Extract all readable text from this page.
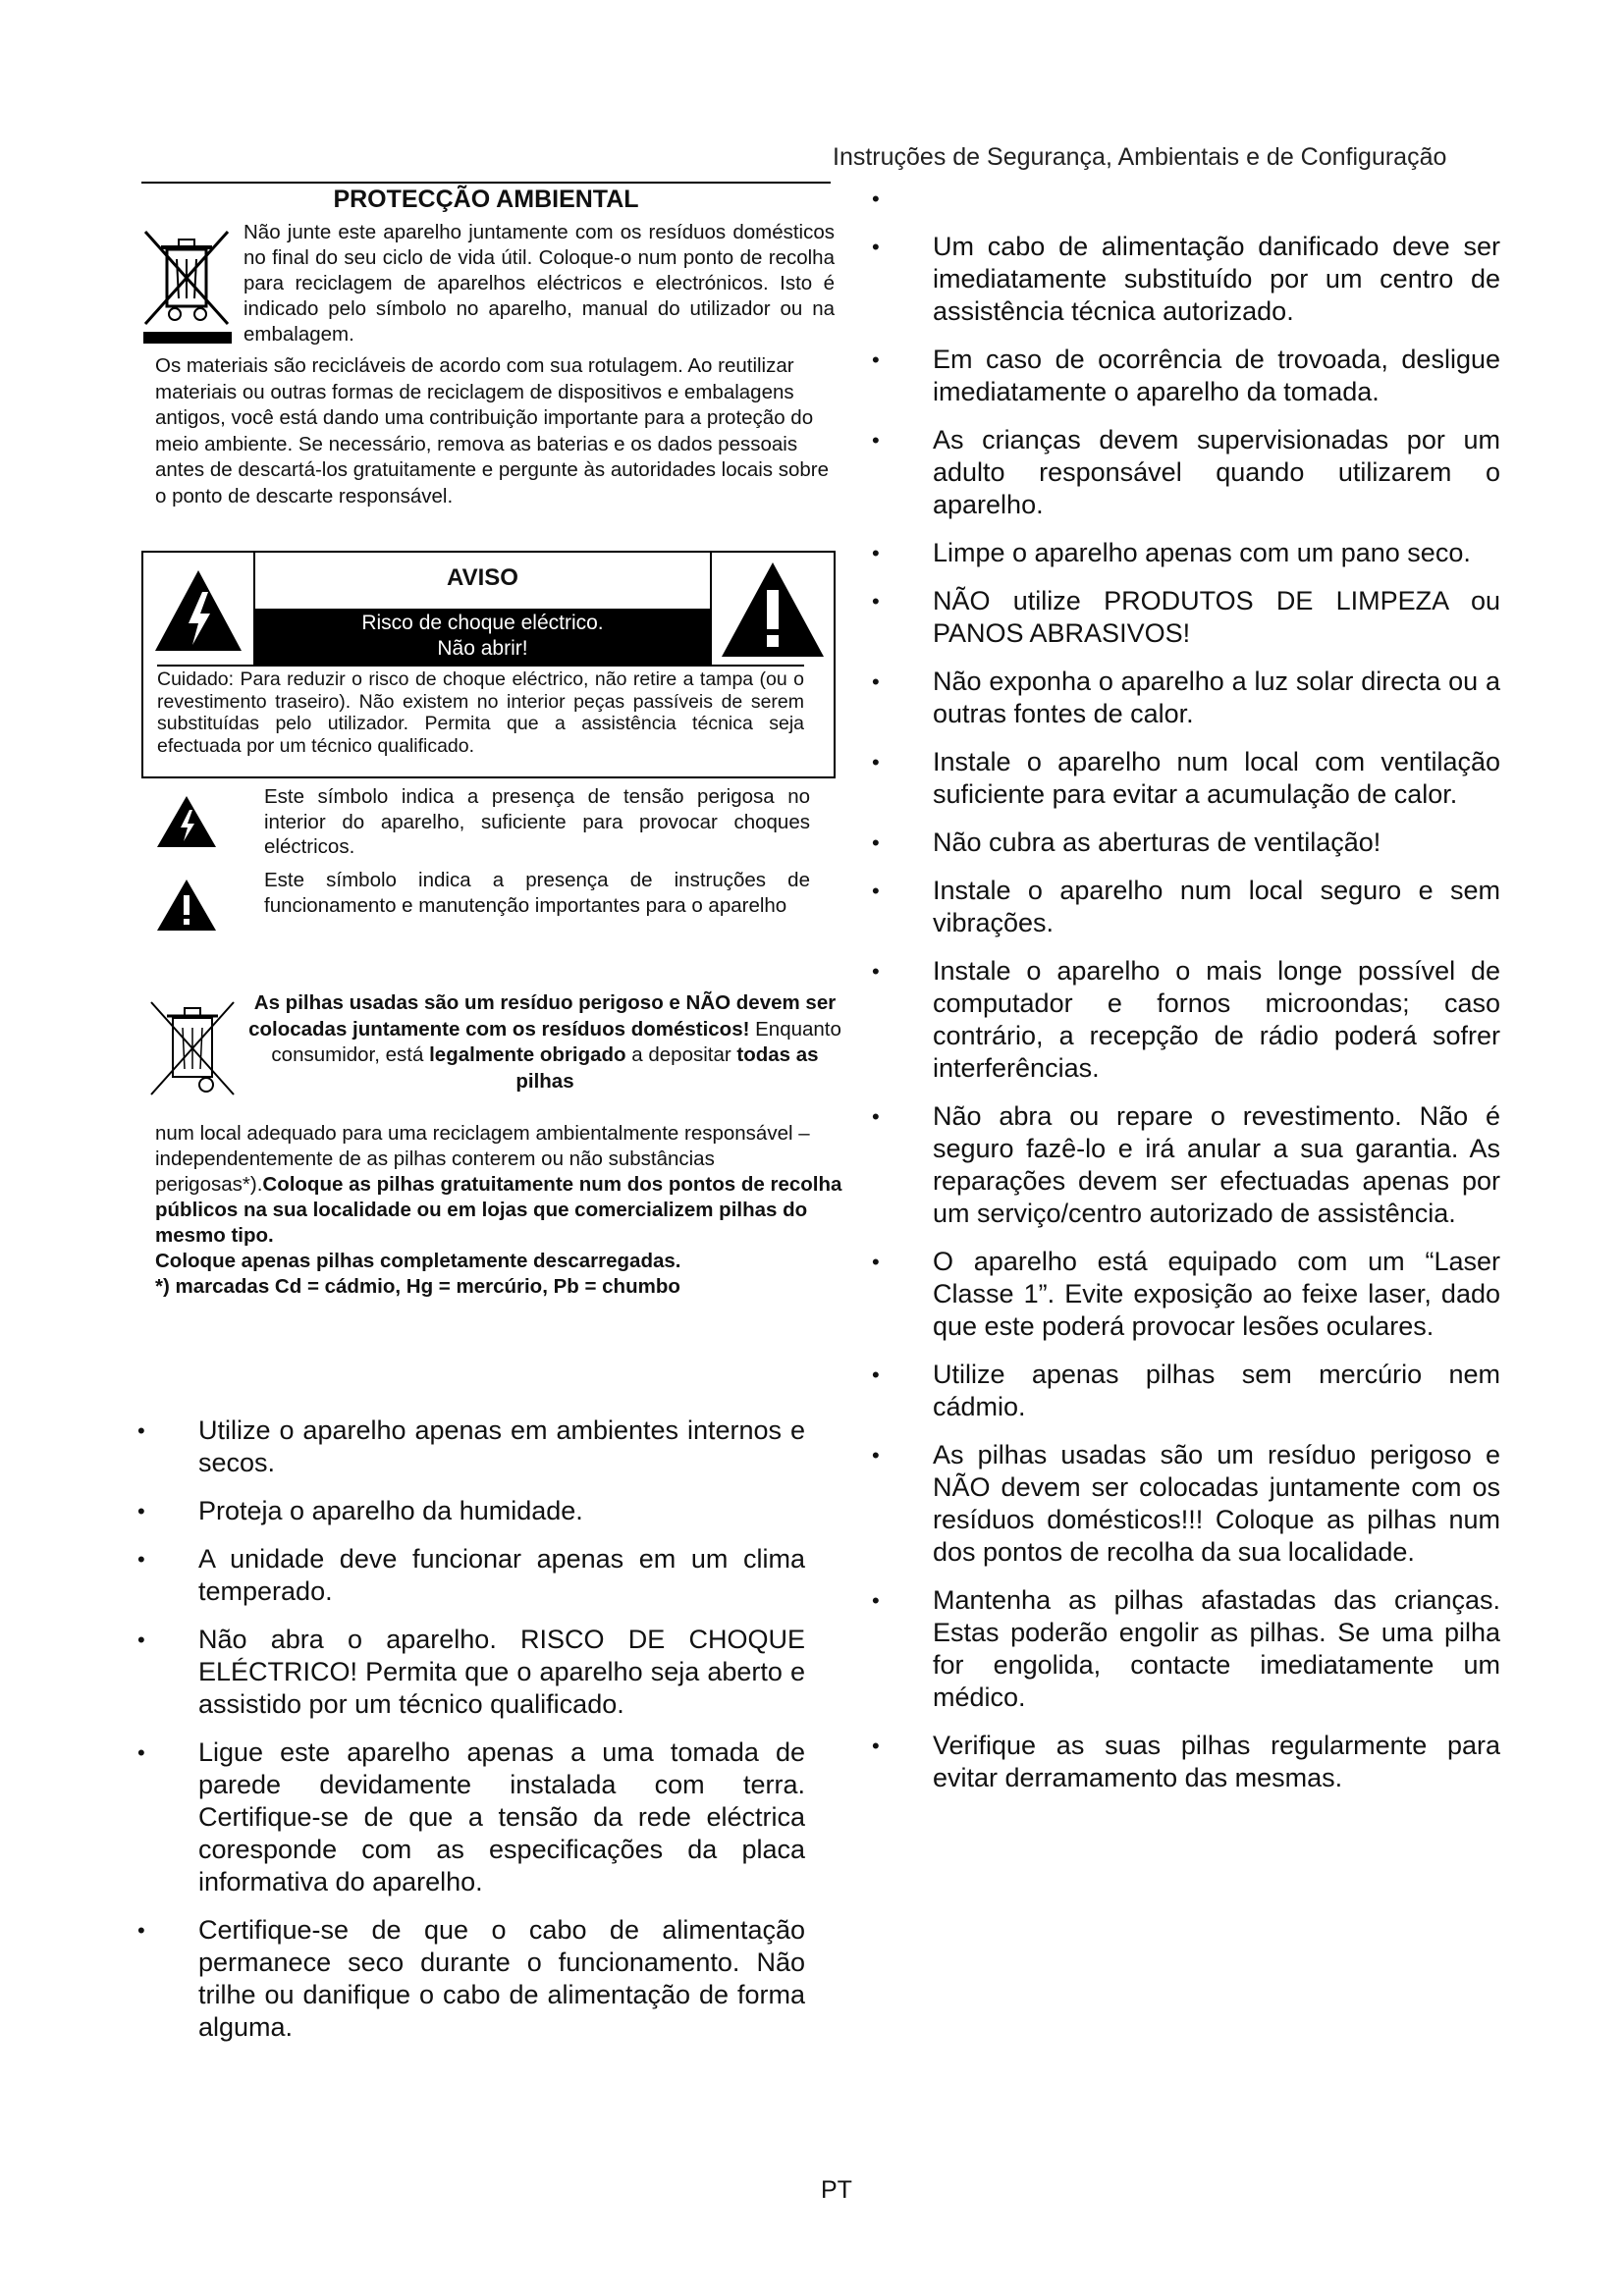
Instruções de Segurança, Ambientais e de Configuração
PROTECÇÃO AMBIENTAL
Não junte este aparelho juntamente com os resíduos domésticos no final do seu ciclo de vida útil. Coloque-o num ponto de recolha para reciclagem de aparelhos eléctricos e electrónicos. Isto é indicado pelo símbolo no aparelho, manual do utilizador ou na embalagem.
Os materiais são recicláveis de acordo com sua rotulagem. Ao reutilizar materiais ou outras formas de reciclagem de dispositivos e embalagens antigos, você está dando uma contribuição importante para a proteção do meio ambiente. Se necessário, remova as baterias e os dados pessoais antes de descartá-los gratuitamente e pergunte às autoridades locais sobre o ponto de descarte responsável.
AVISO
Risco de choque eléctrico.
Não abrir!
Cuidado: Para reduzir o risco de choque eléctrico, não retire a tampa (ou o revestimento traseiro). Não existem no interior peças passíveis de serem substituídas pelo utilizador. Permita que a assistência técnica seja efectuada por um técnico qualificado.
Este símbolo indica a presença de tensão perigosa no interior do aparelho, suficiente para provocar choques eléctricos.
Este símbolo indica a presença de instruções de funcionamento e manutenção importantes para o aparelho
As pilhas usadas são um resíduo perigoso e NÃO devem ser colocadas juntamente com os resíduos domésticos! Enquanto consumidor, está legalmente obrigado a depositar todas as pilhas
num local adequado para uma reciclagem ambientalmente responsável – independentemente de as pilhas conterem ou não substâncias perigosas*).Coloque as pilhas gratuitamente num dos pontos de recolha públicos na sua localidade ou em lojas que comercializem pilhas do mesmo tipo.
Coloque apenas pilhas completamente descarregadas.
*) marcadas Cd = cádmio, Hg = mercúrio, Pb = chumbo
• Utilize o aparelho apenas em ambientes internos e secos.
• Proteja o aparelho da humidade.
• A unidade deve funcionar apenas em um clima temperado.
• Não abra o aparelho. RISCO DE CHOQUE ELÉCTRICO! Permita que o aparelho seja aberto e assistido por um técnico qualificado.
• Ligue este aparelho apenas a uma tomada de parede devidamente instalada com terra. Certifique-se de que a tensão da rede eléctrica coresponde com as especificações da placa informativa do aparelho.
• Certifique-se de que o cabo de alimentação permanece seco durante o funcionamento. Não trilhe ou danifique o cabo de alimentação de forma alguma.
•
• Um cabo de alimentação danificado deve ser imediatamente substituído por um centro de assistência técnica autorizado.
• Em caso de ocorrência de trovoada, desligue imediatamente o aparelho da tomada.
• As crianças devem supervisionadas por um adulto responsável quando utilizarem o aparelho.
• Limpe o aparelho apenas com um pano seco.
• NÃO utilize PRODUTOS DE LIMPEZA ou PANOS ABRASIVOS!
• Não exponha o aparelho a luz solar directa ou a outras fontes de calor.
• Instale o aparelho num local com ventilação suficiente para evitar a acumulação de calor.
• Não cubra as aberturas de ventilação!
• Instale o aparelho num local seguro e sem vibrações.
• Instale o aparelho o mais longe possível de computador e fornos microondas; caso contrário, a recepção de rádio poderá sofrer interferências.
• Não abra ou repare o revestimento. Não é seguro fazê-lo e irá anular a sua garantia. As reparações devem ser efectuadas apenas por um serviço/centro autorizado de assistência.
• O aparelho está equipado com um “Laser Classe 1”. Evite exposição ao feixe laser, dado que este poderá provocar lesões oculares.
• Utilize apenas pilhas sem mercúrio nem cádmio.
• As pilhas usadas são um resíduo perigoso e NÃO devem ser colocadas juntamente com os resíduos domésticos!!! Coloque as pilhas num dos pontos de recolha da sua localidade.
• Mantenha as pilhas afastadas das crianças. Estas poderão engolir as pilhas. Se uma pilha for engolida, contacte imediatamente um médico.
• Verifique as suas pilhas regularmente para evitar derramamento das mesmas.
PT
